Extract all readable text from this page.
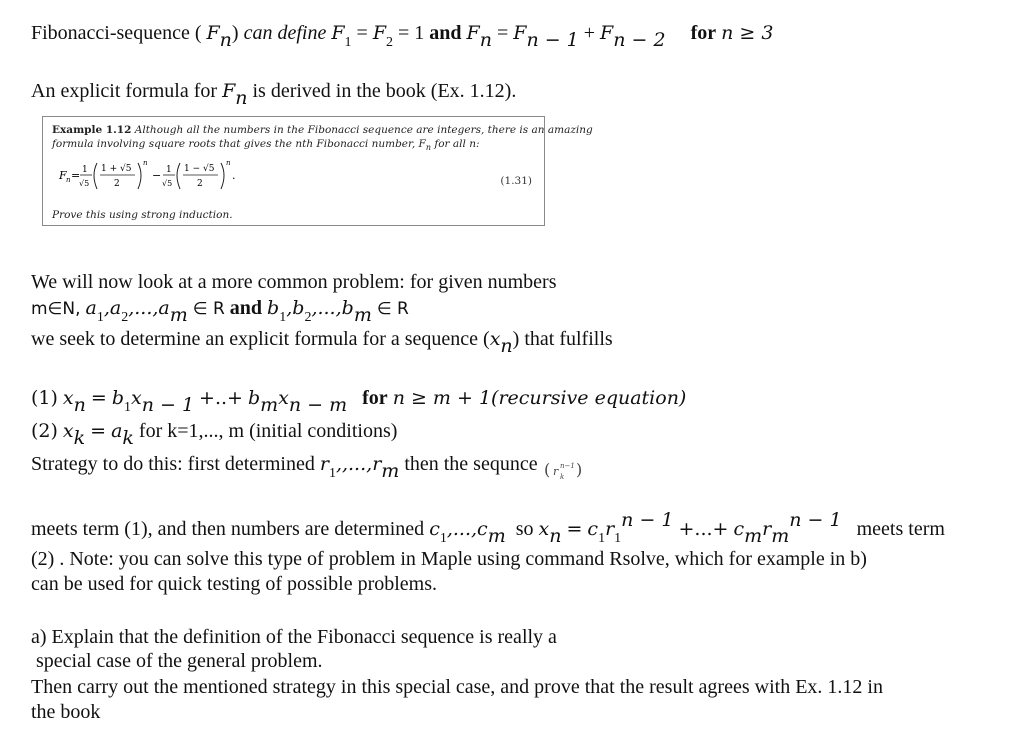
Fibonacci-sequence ( Fn) can define $F_1 = F_2 = 1$ and Fn = Fn − 1 + Fn − 2 for n ≥ 3
An explicit formula for Fn is derived in the book (Ex. 1.12).
Example 1.12 Although all the numbers in the Fibonacci sequence are integers, there is an amazing
formula involving square roots that gives the nth Fibonacci number, $F_n$ for all n:
F n = 1
√5
1 + √5
2
n
− 1
√5
1 − √5
2
n
.	(1.31)
Prove this using strong induction.
We will now look at a more common problem: for given numbers
m∈N, $a_1,a_2,...,am$ ∈ R and $b_1,b_2,...,bm$ ∈ R
we seek to determine an explicit formula for a sequence (xn) that fulfills
(1) xn = $b_1xn - 1$ +..+ bmxn − m for n ≥ m + 1(recursive equation)
(2) xk = ak for k=1,..., m (initial conditions)
Strategy to do this: first determined $r_1,,...,rm$ then the sequnce ( r n−1
k )
meets term (1), and then numbers are determined $c_1,...,cm$ so xn = $c_1r_1n - 1$ +...+ cmrmn − 1 meets term
(2) . Note: you can solve this type of problem in Maple using command Rsolve, which for example in b)
can be used for quick testing of possible problems.
a) Explain that the definition of the Fibonacci sequence is really a
special case of the general problem.
Then carry out the mentioned strategy in this special case, and prove that the result agrees with Ex. 1.12 in
the book
